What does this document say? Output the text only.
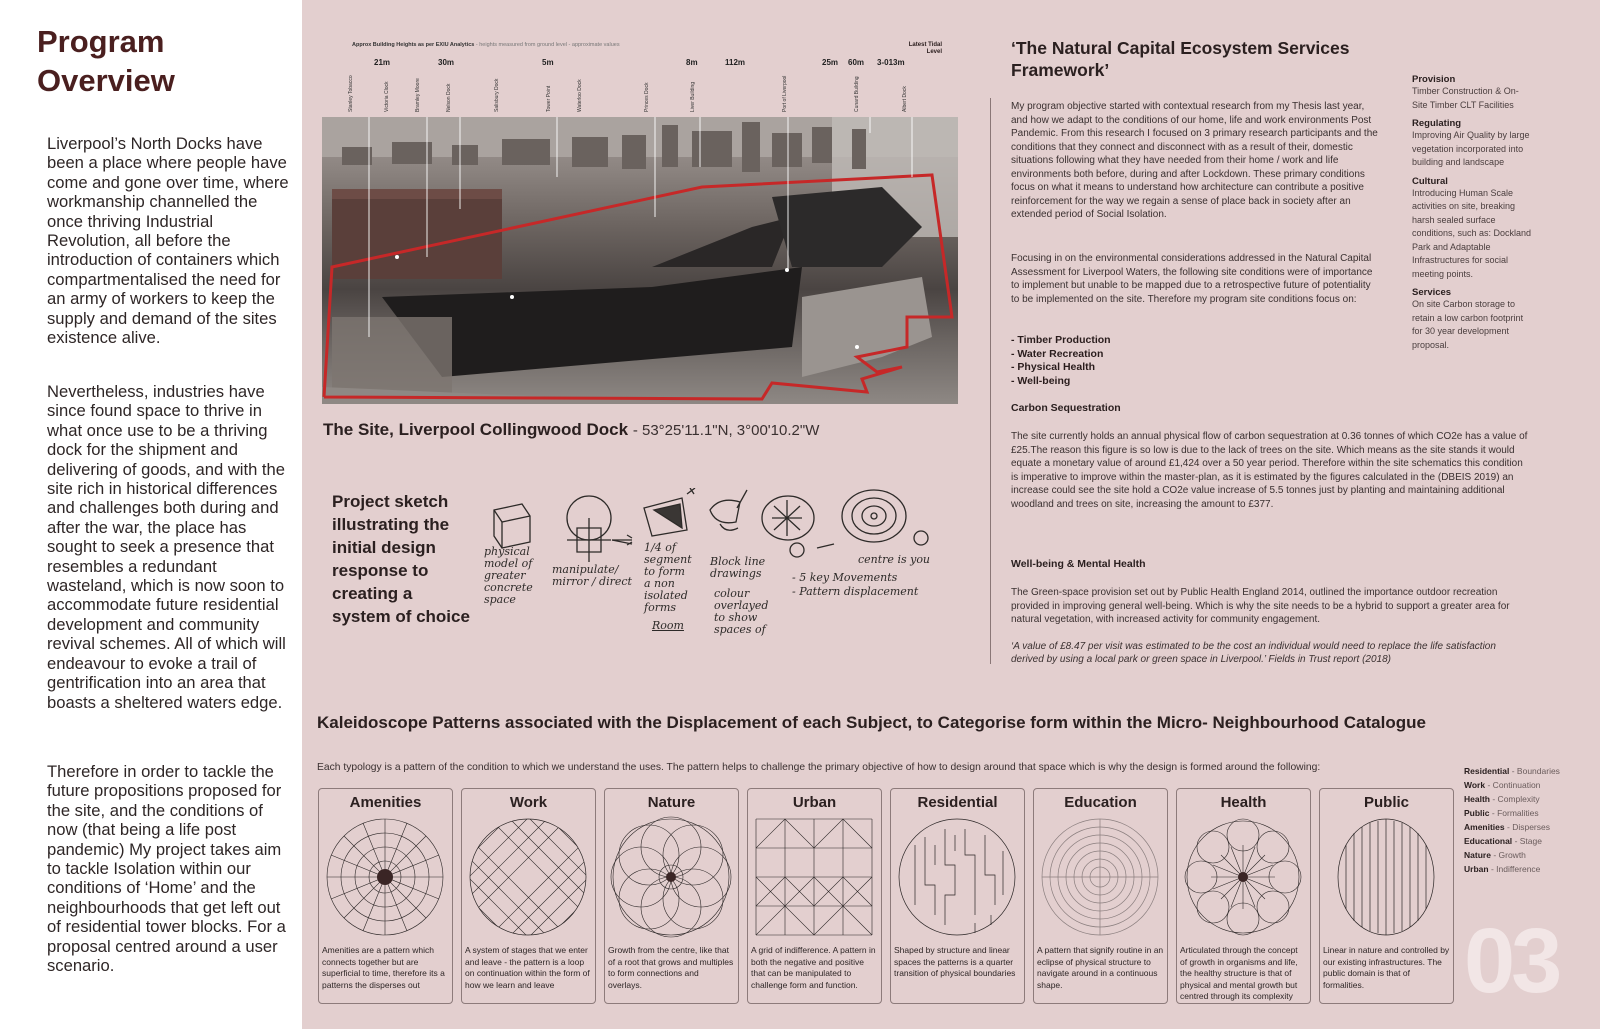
Program Overview

Liverpool’s North Docks have been a place where people have come and gone over time, where workmanship channelled the once thriving Industrial Revolution, all before the introduction of containers which compartmentalised the need for an army of workers to keep the supply and demand of the sites existence alive.

Nevertheless, industries have since found space to thrive in what once use to be a thriving dock for the shipment and delivering of goods, and with the site rich in historical differences and challenges both during and after the war, the place has sought to seek a presence that resembles a redundant wasteland, which is now soon to accommodate future residential development and community revival schemes. All of which will endeavour to evoke a trail of gentrification into an area that boasts a sheltered waters edge.

Therefore in order to tackle the future propositions proposed for the site, and the conditions of now (that being a life post pandemic) My project takes aim to tackle Isolation within our conditions of ‘Home’ and the neighbourhoods that get left out of residential tower blocks. For a proposal centred around a user scenario.

Approx Building Heights as per EXIU Analytics - heights measured from ground level - approximate values	Latest Tidal Level
21m	30m	5m	8m	112m	25m 60m 3-013m
Stanley Tobacco	Victoria Clock	Bramley Moore	Nelson Dock	Salisbury Dock	Tower Point	Waterloo Dock	Princes Dock	Liver Building	Port of Liverpool	Cunard Building	Albert Dock
The Site, Liverpool Collingwood Dock - 53°25'11.1"N, 3°00'10.2"W
Project sketch illustrating the initial design response to creating a system of choice
physical model of greater concrete space
manipulate/ mirror / direct
1/4 of segment to form a non isolated forms
Room
Block line drawings
colour overlayed to show spaces of
centre is you
- 5 key Movements
- Pattern displacement
‘The Natural Capital Ecosystem Services Framework’

My program objective started with contextual research from my Thesis last year, and how we adapt to the conditions of our home, life and work environments Post Pandemic. From this research I focused on 3 primary research participants and the conditions that they connect and disconnect with as a result of their, domestic situations following what they have needed from their home / work and life environments both before, during and after Lockdown. These primary conditions focus on what it means to understand how architecture can contribute a positive reinforcement for the way we regain a sense of place back in society after an extended period of Social Isolation.

Focusing in on the environmental considerations addressed in the Natural Capital Assessment for Liverpool Waters, the following site conditions were of importance to implement but unable to be mapped due to a retrospective future of potentiality to be implemented on the site. Therefore my program site conditions focus on:

- Timber Production
- Water Recreation
- Physical Health
- Well-being
Carbon Sequestration

The site currently holds an annual physical flow of carbon sequestration at 0.36 tonnes of which CO2e has a value of £25.The reason this figure is so low is due to the lack of trees on the site. Which means as the site stands it would equate a monetary value of around £1,424 over a 50 year period. Therefore within the site schematics this condition is imperative to improve within the master-plan, as it is estimated by the figures calculated in the (DBEIS 2019) an increase could see the site hold a CO2e value increase of 5.5 tonnes just by planting and maintaining additional woodland and trees on site, increasing the amount to £377.

Well-being & Mental Health

The Green-space provision set out by Public Health England 2014, outlined the importance outdoor recreation provided in improving general well-being. Which is why the site needs to be a hybrid to support a greater area for natural vegetation, with increased activity for community engagement.

‘A value of £8.47 per visit was estimated to be the cost an individual would need to replace the life satisfaction derived by using a local park or green space in Liverpool.’ Fields in Trust report (2018)

Provision
Timber Construction & On-Site Timber CLT Facilities
Regulating
Improving Air Quality by large vegetation incorporated into building and landscape
Cultural
Introducing Human Scale activities on site, breaking harsh sealed surface conditions, such as: Dockland Park and Adaptable Infrastructures for social meeting points.
Services
On site Carbon storage to retain a low carbon footprint for 30 year development proposal.
Kaleidoscope Patterns associated with the Displacement of each Subject, to Categorise form within the Micro- Neighbourhood Catalogue
Each typology is a pattern of the condition to which we understand the uses. The pattern helps to challenge the primary objective of how to design around that space which is why the design is formed around the following:
Amenities
Amenities are a pattern which connects together but are superficial to time, therefore its a patterns the disperses out
Work
A system of stages that we enter and leave - the pattern is a loop on continuation within the form of how we learn and leave
Nature
Growth from the centre, like that of a root that grows and multiples to form connections and overlays.
Urban
A grid of indifference. A pattern in both the negative and positive that can be manipulated to challenge form and function.
Residential
Shaped by structure and linear spaces the patterns is a quarter transition of physical boundaries
Education
A pattern that signify routine in an eclipse of physical structure to navigate around in a continuous shape.
Health
Articulated through the concept of growth in organisms and life, the healthy structure is that of physical and mental growth but centred through its complexity
Public
Linear in nature and controlled by our existing infrastructures. The public domain is that of formalities.
Residential - Boundaries
Work - Continuation
Health - Complexity
Public - Formalities
Amenities - Disperses
Educational - Stage
Nature - Growth
Urban - Indifference
03
